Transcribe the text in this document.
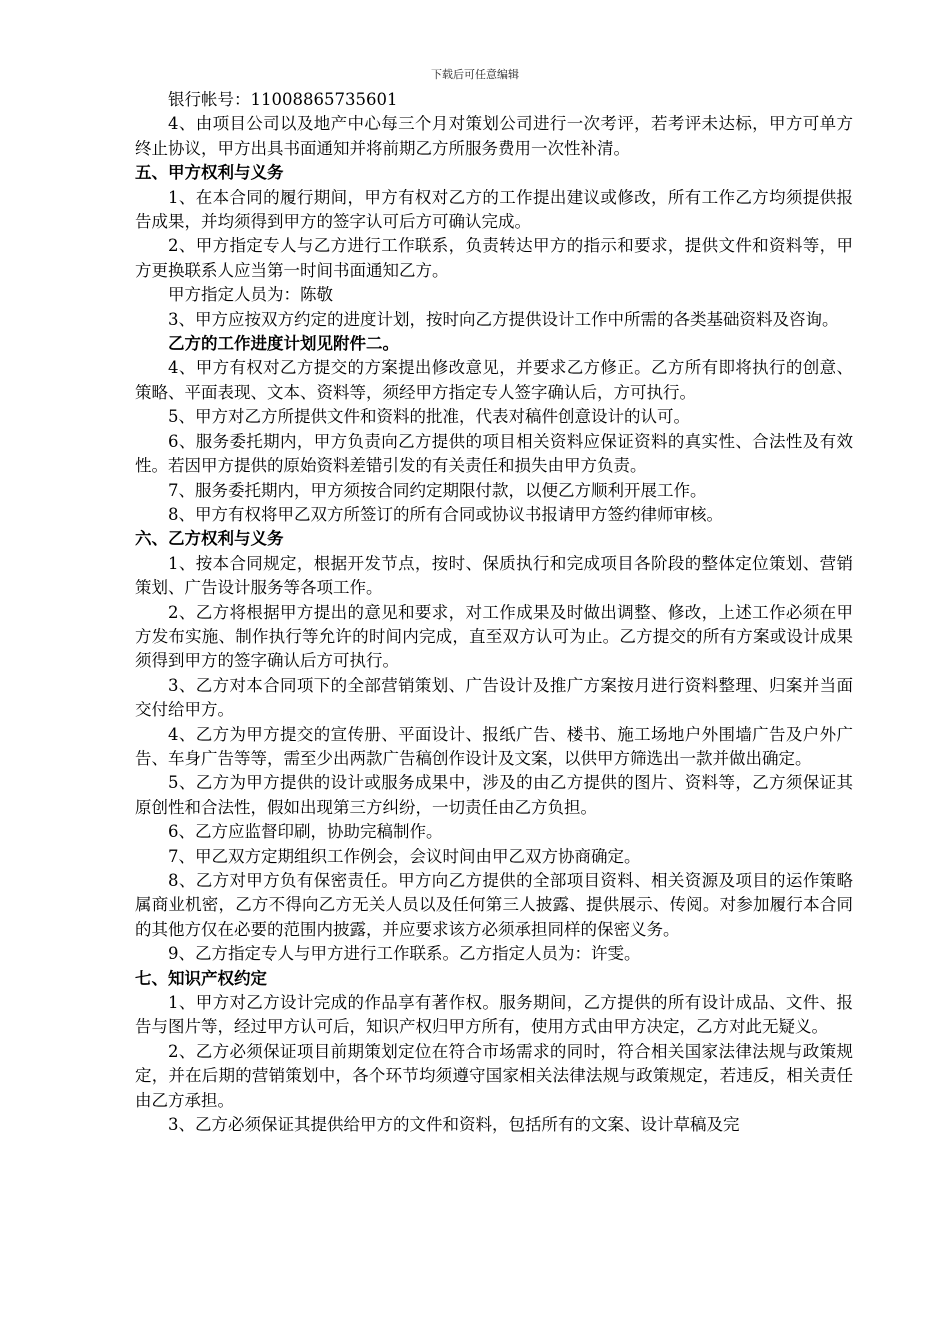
下载后可任意编辑

银行帐号：11008865735601

4、由项目公司以及地产中心每三个月对策划公司进行一次考评，若考评未达标，甲方可单方终止协议，甲方出具书面通知并将前期乙方所服务费用一次性补清。

五、甲方权利与义务

1、在本合同的履行期间，甲方有权对乙方的工作提出建议或修改，所有工作乙方均须提供报告成果，并均须得到甲方的签字认可后方可确认完成。

2、甲方指定专人与乙方进行工作联系，负责转达甲方的指示和要求，提供文件和资料等，甲方更换联系人应当第一时间书面通知乙方。

甲方指定人员为：陈敬

3、甲方应按双方约定的进度计划，按时向乙方提供设计工作中所需的各类基础资料及咨询。

乙方的工作进度计划见附件二。

4、甲方有权对乙方提交的方案提出修改意见，并要求乙方修正。乙方所有即将执行的创意、策略、平面表现、文本、资料等，须经甲方指定专人签字确认后，方可执行。

5、甲方对乙方所提供文件和资料的批准，代表对稿件创意设计的认可。

6、服务委托期内，甲方负责向乙方提供的项目相关资料应保证资料的真实性、合法性及有效性。若因甲方提供的原始资料差错引发的有关责任和损失由甲方负责。

7、服务委托期内，甲方须按合同约定期限付款，以便乙方顺利开展工作。

8、甲方有权将甲乙双方所签订的所有合同或协议书报请甲方签约律师审核。

六、乙方权利与义务

1、按本合同规定，根据开发节点，按时、保质执行和完成项目各阶段的整体定位策划、营销策划、广告设计服务等各项工作。

2、乙方将根据甲方提出的意见和要求，对工作成果及时做出调整、修改，上述工作必须在甲方发布实施、制作执行等允许的时间内完成，直至双方认可为止。乙方提交的所有方案或设计成果须得到甲方的签字确认后方可执行。

3、乙方对本合同项下的全部营销策划、广告设计及推广方案按月进行资料整理、归案并当面交付给甲方。

4、乙方为甲方提交的宣传册、平面设计、报纸广告、楼书、施工场地户外围墙广告及户外广告、车身广告等等，需至少出两款广告稿创作设计及文案，以供甲方筛选出一款并做出确定。

5、乙方为甲方提供的设计或服务成果中，涉及的由乙方提供的图片、资料等，乙方须保证其原创性和合法性，假如出现第三方纠纷，一切责任由乙方负担。

6、乙方应监督印刷，协助完稿制作。

7、甲乙双方定期组织工作例会，会议时间由甲乙双方协商确定。

8、乙方对甲方负有保密责任。甲方向乙方提供的全部项目资料、相关资源及项目的运作策略属商业机密，乙方不得向乙方无关人员以及任何第三人披露、提供展示、传阅。对参加履行本合同的其他方仅在必要的范围内披露，并应要求该方必须承担同样的保密义务。

9、乙方指定专人与甲方进行工作联系。乙方指定人员为：许雯。

七、知识产权约定

1、甲方对乙方设计完成的作品享有著作权。服务期间，乙方提供的所有设计成品、文件、报告与图片等，经过甲方认可后，知识产权归甲方所有，使用方式由甲方决定，乙方对此无疑义。

2、乙方必须保证项目前期策划定位在符合市场需求的同时，符合相关国家法律法规与政策规定，并在后期的营销策划中，各个环节均须遵守国家相关法律法规与政策规定，若违反，相关责任由乙方承担。

3、乙方必须保证其提供给甲方的文件和资料，包括所有的文案、设计草稿及完
